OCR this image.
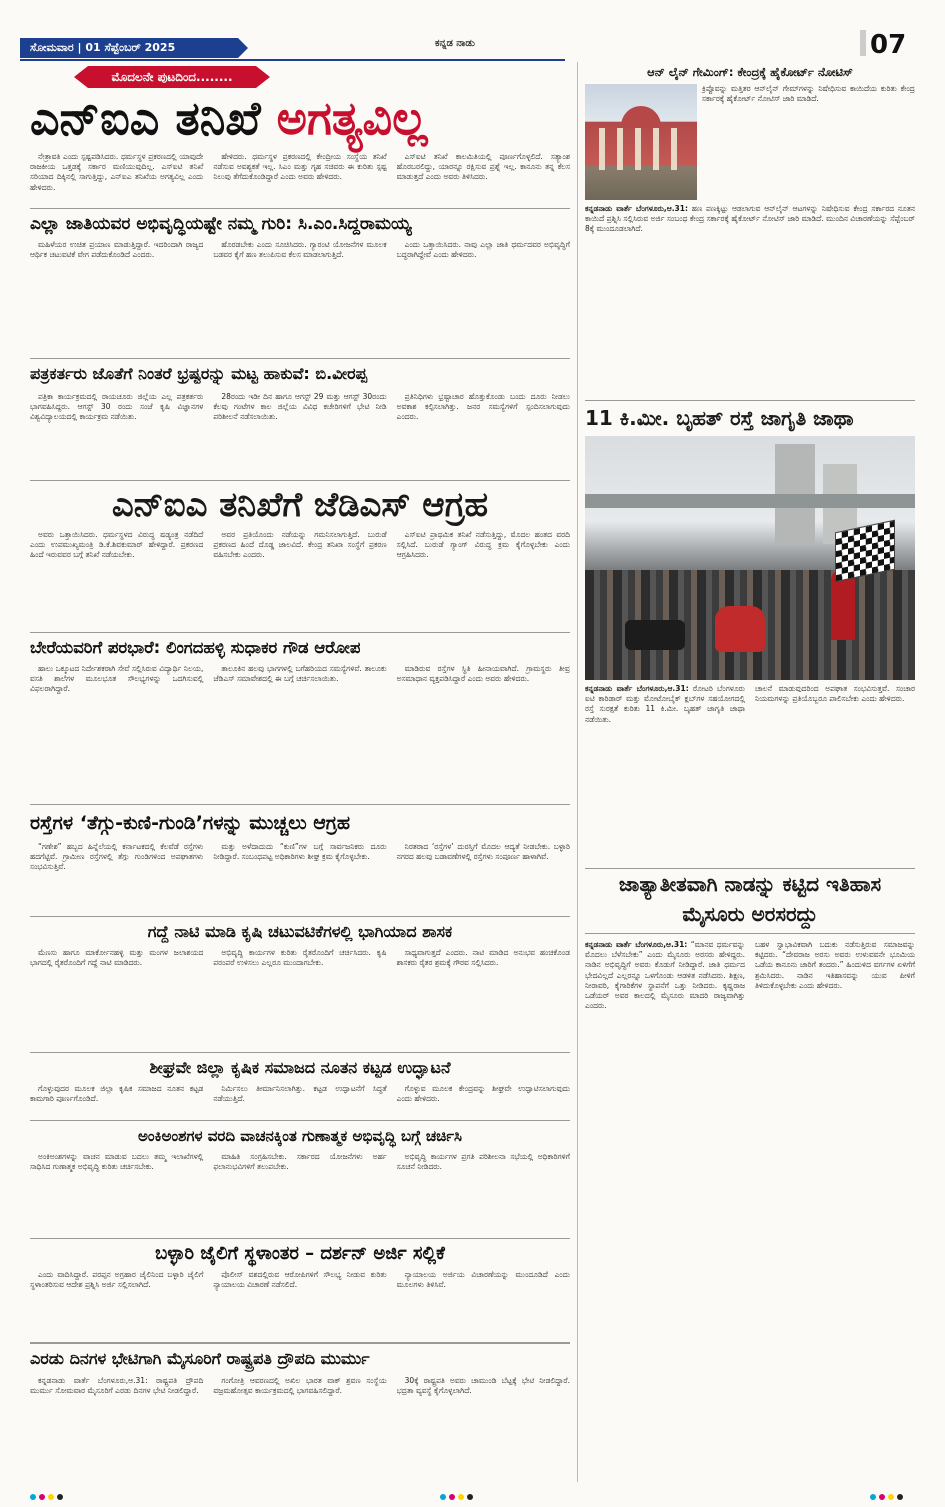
ಸೋಮವಾರ | 01 ಸೆಪ್ಟೆಂಬರ್ 2025	ಕನ್ನಡ ನಾಡು	07
ಮೊದಲನೇ ಪುಟದಿಂದ........
ಎನ್‌ಐಎ ತನಿಖೆ ಅಗತ್ಯವಿಲ್ಲ

ನೇತ್ರಾವತಿ ಎಂದು ಸ್ಪಷ್ಟಪಡಿಸಿದರು. ಧರ್ಮಸ್ಥಳ ಪ್ರಕರಣದಲ್ಲಿ ಯಾವುದೇ ರಾಜಕೀಯ ಒತ್ತಡಕ್ಕೆ ಸರ್ಕಾರ ಮಣಿಯುವುದಿಲ್ಲ. ಎಸ್‌ಐಟಿ ತನಿಖೆ ಸರಿಯಾದ ದಿಕ್ಕಿನಲ್ಲಿ ಸಾಗುತ್ತಿದ್ದು, ಎನ್‌ಐಎ ತನಿಖೆಯ ಅಗತ್ಯವಿಲ್ಲ ಎಂದು ಹೇಳಿದರು.

ಹೇಳಿದರು. ಧರ್ಮಸ್ಥಳ ಪ್ರಕರಣದಲ್ಲಿ ಕೇಂದ್ರೀಯ ಸಂಸ್ಥೆಯ ತನಿಖೆ ನಡೆಸುವ ಅವಶ್ಯಕತೆ ಇಲ್ಲ. ಸಿಎಂ ಮತ್ತು ಗೃಹ ಸಚಿವರು ಈ ಕುರಿತು ಸ್ಪಷ್ಟ ನಿಲುವು ತೆಗೆದುಕೊಂಡಿದ್ದಾರೆ ಎಂದು ಅವರು ಹೇಳಿದರು.

ಎಸ್‌ಐಟಿ ತನಿಖೆ ಕಾಲಮಿತಿಯಲ್ಲಿ ಪೂರ್ಣಗೊಳ್ಳಲಿದೆ. ಸತ್ಯಾಂಶ ಹೊರಬರಲಿದ್ದು, ಯಾರನ್ನೂ ರಕ್ಷಿಸುವ ಪ್ರಶ್ನೆ ಇಲ್ಲ. ಕಾನೂನು ತನ್ನ ಕೆಲಸ ಮಾಡುತ್ತದೆ ಎಂದು ಅವರು ತಿಳಿಸಿದರು.

ಎಲ್ಲಾ ಜಾತಿಯವರ ಅಭಿವೃದ್ಧಿಯಷ್ಟೇ ನಮ್ಮ ಗುರಿ: ಸಿ.ಎಂ.ಸಿದ್ದರಾಮಯ್ಯ

ಮಹಿಳೆಯರ ಉಚಿತ ಪ್ರಯಾಣ ಮಾಡುತ್ತಿದ್ದಾರೆ. ಇದರಿಂದಾಗಿ ರಾಜ್ಯದ ಆರ್ಥಿಕ ಚಟುವಟಿಕೆ ವೇಗ ಪಡೆದುಕೊಂಡಿದೆ ಎಂದರು.

ಹೊರಡಬೇಕು ಎಂದು ಸೂಚಿಸಿದರು. ಗ್ಯಾರಂಟಿ ಯೋಜನೆಗಳ ಮೂಲಕ ಬಡವರ ಕೈಗೆ ಹಣ ತಲುಪಿಸುವ ಕೆಲಸ ಮಾಡಲಾಗುತ್ತಿದೆ.

ಎಂದು ಒತ್ತಾಯಿಸಿದರು. ನಾವು ಎಲ್ಲಾ ಜಾತಿ ಧರ್ಮದವರ ಅಭಿವೃದ್ಧಿಗೆ ಬದ್ಧರಾಗಿದ್ದೇವೆ ಎಂದು ಹೇಳಿದರು.

ಪತ್ರಕರ್ತರು ಜೊತೆಗೆ ನಿಂತರೆ ಭ್ರಷ್ಟರನ್ನು ಮಟ್ಟ ಹಾಕುವೆ: ಬಿ.ವೀರಪ್ಪ

ಪತ್ರಿಕಾ ಕಾರ್ಯಕ್ರಮದಲ್ಲಿ ರಾಯಚೂರು ಜಿಲ್ಲೆಯ ಎಲ್ಲ ಪತ್ರಕರ್ತರು ಭಾಗವಹಿಸಿದ್ದರು. ಆಗಸ್ಟ್ 30 ರಂದು ಸಂಜೆ ಕೃಷಿ ವಿಜ್ಞಾನಗಳ ವಿಶ್ವವಿದ್ಯಾಲಯದಲ್ಲಿ ಕಾರ್ಯಕ್ರಮ ನಡೆಯಿತು.

28ರಂದು ಇಡೀ ದಿನ ಹಾಗೂ ಆಗಸ್ಟ್ 29 ಮತ್ತು ಆಗಸ್ಟ್ 30ರಂದು ಕೆಲವು ಗಂಟೆಗಳ ಕಾಲ ಜಿಲ್ಲೆಯ ವಿವಿಧ ಕಚೇರಿಗಳಿಗೆ ಭೇಟಿ ನೀಡಿ ಪರಿಶೀಲನೆ ನಡೆಸಲಾಯಿತು.

ಪ್ರತಿನಿಧಿಗಳು ಭ್ರಷ್ಟಾಚಾರ ಹೊತ್ತುಕೊಂಡು ಬಂದು ದೂರು ನೀಡಲು ಅವಕಾಶ ಕಲ್ಪಿಸಲಾಗಿತ್ತು. ಜನರ ಸಮಸ್ಯೆಗಳಿಗೆ ಸ್ಪಂದಿಸಲಾಗುವುದು ಎಂದರು.

ಎನ್‌ಐಎ ತನಿಖೆಗೆ ಜೆಡಿಎಸ್ ಆಗ್ರಹ

ಅವರು ಒತ್ತಾಯಿಸಿದರು. ಧರ್ಮಸ್ಥಳದ ವಿರುದ್ಧ ಷಡ್ಯಂತ್ರ ನಡೆದಿದೆ ಎಂದು ಉಪಮುಖ್ಯಮಂತ್ರಿ ಡಿ.ಕೆ.ಶಿವಕುಮಾರ್ ಹೇಳಿದ್ದಾರೆ. ಪ್ರಕರಣದ ಹಿಂದೆ ಇರುವವರ ಬಗ್ಗೆ ತನಿಖೆ ನಡೆಯಬೇಕು.

ಅವರ ಪ್ರತಿಯೊಂದು ನಡೆಯನ್ನು ಗಮನಿಸಲಾಗುತ್ತಿದೆ. ಬುರುಡೆ ಪ್ರಕರಣದ ಹಿಂದೆ ದೊಡ್ಡ ಜಾಲವಿದೆ. ಕೇಂದ್ರ ತನಿಖಾ ಸಂಸ್ಥೆಗೆ ಪ್ರಕರಣ ವಹಿಸಬೇಕು ಎಂದರು.

ಎಸ್‌ಐಟಿ ಪ್ರಾಥಮಿಕ ತನಿಖೆ ನಡೆಸುತ್ತಿದ್ದು, ಮೊದಲ ಹಂತದ ವರದಿ ಸಲ್ಲಿಸಿದೆ. ಬುರುಡೆ ಗ್ಯಾಂಗ್ ವಿರುದ್ಧ ಕ್ರಮ ಕೈಗೊಳ್ಳಬೇಕು ಎಂದು ಆಗ್ರಹಿಸಿದರು.

ಬೇರೆಯವರಿಗೆ ಪರಭಾರೆ: ಲಿಂಗದಹಳ್ಳಿ ಸುಧಾಕರ ಗೌಡ ಆರೋಪ

ಹಾಲು ಒಕ್ಕೂಟದ ನಿರ್ದೇಶಕರಾಗಿ ಸೇವೆ ಸಲ್ಲಿಸಿರುವ ವಿದ್ಯಾರ್ಥಿ ನಿಲಯ, ವಸತಿ ಶಾಲೆಗಳ ಮೂಲಭೂತ ಸೌಲಭ್ಯಗಳನ್ನು ಒದಗಿಸುವಲ್ಲಿ ವಿಫಲರಾಗಿದ್ದಾರೆ.

ತಾಲೂಕಿನ ಹಲವು ಭಾಗಗಳಲ್ಲಿ ಬಗೆಹರಿಯದ ಸಮಸ್ಯೆಗಳಿವೆ. ತಾಲೂಕು ಜೆಡಿಎಸ್ ಸಮಾವೇಶದಲ್ಲಿ ಈ ಬಗ್ಗೆ ಚರ್ಚಿಸಲಾಯಿತು.

ಮಾಡಿರುವ ರಸ್ತೆಗಳ ಸ್ಥಿತಿ ಹೀನಾಯವಾಗಿದೆ. ಗ್ರಾಮಸ್ಥರು ತೀವ್ರ ಅಸಮಾಧಾನ ವ್ಯಕ್ತಪಡಿಸಿದ್ದಾರೆ ಎಂದು ಅವರು ಹೇಳಿದರು.

ರಸ್ತೆಗಳ ‘ತೆಗ್ಗು-ಕುಣಿ-ಗುಂಡಿ’ಗಳನ್ನು ಮುಚ್ಚಲು ಆಗ್ರಹ

“ಗಣೇಶ” ಹಬ್ಬದ ಹಿನ್ನೆಲೆಯಲ್ಲಿ ಕರ್ನಾಟಕದಲ್ಲಿ ಕೆಲವೆಡೆ ರಸ್ತೆಗಳು ಹದಗೆಟ್ಟಿವೆ. ಗ್ರಾಮೀಣ ರಸ್ತೆಗಳಲ್ಲಿ ತೆಗ್ಗು ಗುಂಡಿಗಳಿಂದ ಅಪಘಾತಗಳು ಸಂಭವಿಸುತ್ತಿವೆ.

ಮತ್ತು ಅಳೆದಾದುದು “ಕುಣಿ”ಗಳ ಬಗ್ಗೆ ಸಾರ್ವಜನಿಕರು ದೂರು ನೀಡಿದ್ದಾರೆ. ಸಂಬಂಧಪಟ್ಟ ಅಧಿಕಾರಿಗಳು ಶೀಘ್ರ ಕ್ರಮ ಕೈಗೊಳ್ಳಬೇಕು.

ನಿರತರಾದ ‘ರಸ್ತೆಗಳ’ ದುರಸ್ತಿಗೆ ಮೊದಲ ಆದ್ಯತೆ ನೀಡಬೇಕು. ಬಳ್ಳಾರಿ ನಗರದ ಹಲವು ಬಡಾವಣೆಗಳಲ್ಲಿ ರಸ್ತೆಗಳು ಸಂಪೂರ್ಣ ಹಾಳಾಗಿವೆ.

ಗದ್ದೆ ನಾಟಿ ಮಾಡಿ ಕೃಷಿ ಚಟುವಟಿಕೆಗಳಲ್ಲಿ ಭಾಗಿಯಾದ ಶಾಸಕ

ಮೆಣಸು ಹಾಗೂ ಮಾರ್ಕೋನಹಳ್ಳಿ ಮತ್ತು ಮಂಗಳ ಜಲಾಶಯದ ಭಾಗದಲ್ಲಿ ರೈತರೊಂದಿಗೆ ಗದ್ದೆ ನಾಟಿ ಮಾಡಿದರು.

ಅಭಿವೃದ್ಧಿ ಕಾರ್ಯಗಳ ಕುರಿತು ರೈತರೊಂದಿಗೆ ಚರ್ಚಿಸಿದರು. ಕೃಷಿ ಪರಂಪರೆ ಉಳಿಸಲು ಎಲ್ಲರೂ ಮುಂದಾಗಬೇಕು.

ಸಾಧ್ಯವಾಗುತ್ತದೆ ಎಂದರು. ನಾಟಿ ಮಾಡಿದ ಅನುಭವ ಹಂಚಿಕೊಂಡ ಶಾಸಕರು ರೈತರ ಶ್ರಮಕ್ಕೆ ಗೌರವ ಸಲ್ಲಿಸಿದರು.

ಶೀಘ್ರವೇ ಜಿಲ್ಲಾ ಕೃಷಿಕ ಸಮಾಜದ ನೂತನ ಕಟ್ಟಡ ಉದ್ಘಾಟನೆ

ಗೊಳ್ಳುವುದರ ಮೂಲಕ ಜಿಲ್ಲಾ ಕೃಷಿಕ ಸಮಾಜದ ನೂತನ ಕಟ್ಟಡ ಕಾಮಗಾರಿ ಪೂರ್ಣಗೊಂಡಿದೆ.

ನಿರ್ಮಿಸಲು ತೀರ್ಮಾನಿಸಲಾಗಿತ್ತು. ಕಟ್ಟಡ ಉದ್ಘಾಟನೆಗೆ ಸಿದ್ಧತೆ ನಡೆಯುತ್ತಿದೆ.

ಗೊಳ್ಳುವ ಮೂಲಕ ಕೇಂದ್ರವನ್ನು ಶೀಘ್ರವೇ ಉದ್ಘಾಟಿಸಲಾಗುವುದು ಎಂದು ಹೇಳಿದರು.

ಅಂಕಿಅಂಶಗಳ ವರದಿ ವಾಚನಕ್ಕಿಂತ ಗುಣಾತ್ಮಕ ಅಭಿವೃದ್ಧಿ ಬಗ್ಗೆ ಚರ್ಚಿಸಿ

ಅಂಕಿಅಂಶಗಳನ್ನು ವಾಚನ ಮಾಡುವ ಬದಲು ತಮ್ಮ ಇಲಾಖೆಗಳಲ್ಲಿ ಸಾಧಿಸಿದ ಗುಣಾತ್ಮಕ ಅಭಿವೃದ್ಧಿ ಕುರಿತು ಚರ್ಚಿಸಬೇಕು.

ಮಾಹಿತಿ ಸಂಗ್ರಹಿಸಬೇಕು. ಸರ್ಕಾರದ ಯೋಜನೆಗಳು ಅರ್ಹ ಫಲಾನುಭವಿಗಳಿಗೆ ತಲುಪಬೇಕು.

ಅಭಿವೃದ್ಧಿ ಕಾರ್ಯಗಳ ಪ್ರಗತಿ ಪರಿಶೀಲನಾ ಸಭೆಯಲ್ಲಿ ಅಧಿಕಾರಿಗಳಿಗೆ ಸೂಚನೆ ನೀಡಿದರು.

ಬಳ್ಳಾರಿ ಜೈಲಿಗೆ ಸ್ಥಳಾಂತರ – ದರ್ಶನ್ ಅರ್ಜಿ ಸಲ್ಲಿಕೆ

ಎಂದು ವಾದಿಸಿದ್ದಾರೆ. ಪರಪ್ಪನ ಅಗ್ರಹಾರ ಜೈಲಿನಿಂದ ಬಳ್ಳಾರಿ ಜೈಲಿಗೆ ಸ್ಥಳಾಂತರಿಸುವ ಆದೇಶ ಪ್ರಶ್ನಿಸಿ ಅರ್ಜಿ ಸಲ್ಲಿಸಲಾಗಿದೆ.

ಪೊಲೀಸ್ ವಶದಲ್ಲಿರುವ ಆರೋಪಿಗಳಿಗೆ ಸೌಲಭ್ಯ ನೀಡುವ ಕುರಿತು ನ್ಯಾಯಾಲಯ ವಿಚಾರಣೆ ನಡೆಸಲಿದೆ.

ನ್ಯಾಯಾಲಯ ಅರ್ಜಿಯ ವಿಚಾರಣೆಯನ್ನು ಮುಂದೂಡಿದೆ ಎಂದು ಮೂಲಗಳು ತಿಳಿಸಿವೆ.

ಎರಡು ದಿನಗಳ ಭೇಟಿಗಾಗಿ ಮೈಸೂರಿಗೆ ರಾಷ್ಟ್ರಪತಿ ದ್ರೌಪದಿ ಮುರ್ಮು

ಕನ್ನಡನಾಡು ವಾರ್ತೆ ಬೆಂಗಳೂರು,ಆ.31: ರಾಷ್ಟ್ರಪತಿ ದ್ರೌಪದಿ ಮುರ್ಮು ಸೋಮವಾರ ಮೈಸೂರಿಗೆ ಎರಡು ದಿನಗಳ ಭೇಟಿ ನೀಡಲಿದ್ದಾರೆ.

ಗಂಗೋತ್ರಿ ಆವರಣದಲ್ಲಿ ಅಖಿಲ ಭಾರತ ವಾಕ್ ಶ್ರವಣ ಸಂಸ್ಥೆಯ ವಜ್ರಮಹೋತ್ಸವ ಕಾರ್ಯಕ್ರಮದಲ್ಲಿ ಭಾಗವಹಿಸಲಿದ್ದಾರೆ.

30ಕ್ಕೆ ರಾಷ್ಟ್ರಪತಿ ಅವರು ಚಾಮುಂಡಿ ಬೆಟ್ಟಕ್ಕೆ ಭೇಟಿ ನೀಡಲಿದ್ದಾರೆ. ಭದ್ರತಾ ವ್ಯವಸ್ಥೆ ಕೈಗೊಳ್ಳಲಾಗಿದೆ.

ಆನ್ ಲೈನ್ ಗೇಮಿಂಗ್: ಕೇಂದ್ರಕ್ಕೆ ಹೈಕೋರ್ಟ್ ನೋಟಿಸ್
ಕ್ರಿಪ್ಟೊವನ್ನು ಮತ್ತಿತರ ಆನ್‌ಲೈನ್ ಗೇಮ್‌ಗಳನ್ನು ನಿಷೇಧಿಸುವ ಕಾಯಿದೆಯ ಕುರಿತು ಕೇಂದ್ರ ಸರ್ಕಾರಕ್ಕೆ ಹೈಕೋರ್ಟ್ ನೋಟಿಸ್ ಜಾರಿ ಮಾಡಿದೆ.
ಕನ್ನಡನಾಡು ವಾರ್ತೆ ಬೆಂಗಳೂರು,ಆ.31: ಹಣ ಪಣಕ್ಕಿಟ್ಟು ಆಡಲಾಗುವ ಆನ್‌ಲೈನ್ ಆಟಗಳನ್ನು ನಿಷೇಧಿಸುವ ಕೇಂದ್ರ ಸರ್ಕಾರದ ನೂತನ ಕಾಯಿದೆ ಪ್ರಶ್ನಿಸಿ ಸಲ್ಲಿಸಿರುವ ಅರ್ಜಿ ಸಂಬಂಧ ಕೇಂದ್ರ ಸರ್ಕಾರಕ್ಕೆ ಹೈಕೋರ್ಟ್ ನೋಟಿಸ್ ಜಾರಿ ಮಾಡಿದೆ. ಮುಂದಿನ ವಿಚಾರಣೆಯನ್ನು ಸೆಪ್ಟೆಂಬರ್ 8ಕ್ಕೆ ಮುಂದೂಡಲಾಗಿದೆ.
11 ಕಿ.ಮೀ. ಬೃಹತ್ ರಸ್ತೆ ಜಾಗೃತಿ ಜಾಥಾ
ಕನ್ನಡನಾಡು ವಾರ್ತೆ ಬೆಂಗಳೂರು,ಆ.31: ರೋಟರಿ ಬೆಂಗಳೂರು ಐಟಿ ಕಾರಿಡಾರ್ ಮತ್ತು ಮೋಟೋಬೈಕ್ ಕ್ಲಬ್‌ಗಳ ಸಹಯೋಗದಲ್ಲಿ ರಸ್ತೆ ಸುರಕ್ಷತೆ ಕುರಿತು 11 ಕಿ.ಮೀ. ಬೃಹತ್ ಜಾಗೃತಿ ಜಾಥಾ ನಡೆಯಿತು.
ಚಾಲನೆ ಮಾಡುವುದರಿಂದ ಅಪಘಾತ ಸಂಭವಿಸುತ್ತವೆ. ಸಂಚಾರ ನಿಯಮಗಳನ್ನು ಪ್ರತಿಯೊಬ್ಬರೂ ಪಾಲಿಸಬೇಕು ಎಂದು ಹೇಳಿದರು.
ಜಾತ್ಯಾತೀತವಾಗಿ ನಾಡನ್ನು ಕಟ್ಟಿದ ಇತಿಹಾಸ ಮೈಸೂರು ಅರಸರದ್ದು
ಕನ್ನಡನಾಡು ವಾರ್ತೆ ಬೆಂಗಳೂರು,ಆ.31: “ಮಾನವ ಧರ್ಮವನ್ನು ಮೊದಲು ಬೆಳೆಸಬೇಕು” ಎಂದು ಮೈಸೂರು ಅರಸರು ಹೇಳಿದ್ದರು. ನಾಡಿನ ಅಭಿವೃದ್ಧಿಗೆ ಅವರು ಕೊಡುಗೆ ನೀಡಿದ್ದಾರೆ. ಜಾತಿ ಧರ್ಮದ ಭೇದವಿಲ್ಲದೆ ಎಲ್ಲರನ್ನೂ ಒಳಗೊಂಡು ಆಡಳಿತ ನಡೆಸಿದರು. ಶಿಕ್ಷಣ, ನೀರಾವರಿ, ಕೈಗಾರಿಕೆಗಳ ಸ್ಥಾಪನೆಗೆ ಒತ್ತು ನೀಡಿದರು. ಕೃಷ್ಣರಾಜ ಒಡೆಯರ್ ಅವರ ಕಾಲದಲ್ಲಿ ಮೈಸೂರು ಮಾದರಿ ರಾಜ್ಯವಾಗಿತ್ತು ಎಂದರು.
ಬಹಳ ಸ್ವಾಭಾವಿಕವಾಗಿ ಬದುಕು ನಡೆಸುತ್ತಿರುವ ಸಮಾಜವನ್ನು ಕಟ್ಟಿದರು. “ದೇವರಾಜ ಅರಸು ಅವರು ಉಳುವವನೇ ಭೂಮಿಯ ಒಡೆಯ ಕಾನೂನು ಜಾರಿಗೆ ತಂದರು.” ಹಿಂದುಳಿದ ವರ್ಗಗಳ ಏಳಿಗೆಗೆ ಶ್ರಮಿಸಿದರು. ನಾಡಿನ ಇತಿಹಾಸವನ್ನು ಯುವ ಪೀಳಿಗೆ ತಿಳಿದುಕೊಳ್ಳಬೇಕು ಎಂದು ಹೇಳಿದರು.
